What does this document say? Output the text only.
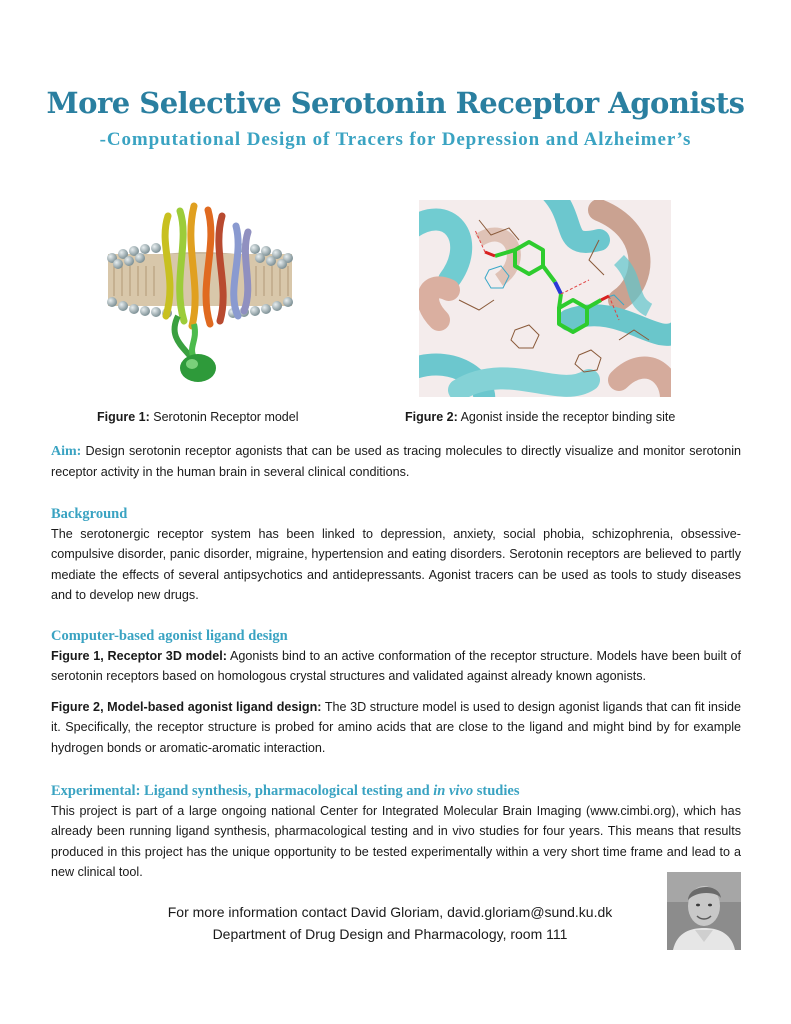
More Selective Serotonin Receptor Agonists
-Computational Design of Tracers for Depression and Alzheimer’s
Figure 1: Serotonin Receptor model	Figure 2: Agonist inside the receptor binding site
Aim: Design serotonin receptor agonists that can be used as tracing molecules to directly visualize and monitor serotonin receptor activity in the human brain in several clinical conditions.
Background
The serotonergic receptor system has been linked to depression, anxiety, social phobia, schizophrenia, obsessive-compulsive disorder, panic disorder, migraine, hypertension and eating disorders. Serotonin receptors are believed to partly mediate the effects of several antipsychotics and antidepressants. Agonist tracers can be used as tools to study diseases and to develop new drugs.
Computer-based agonist ligand design
Figure 1, Receptor 3D model: Agonists bind to an active conformation of the receptor structure. Models have been built of serotonin receptors based on homologous crystal structures and validated against already known agonists.
Figure 2, Model-based agonist ligand design: The 3D structure model is used to design agonist ligands that can fit inside it. Specifically, the receptor structure is probed for amino acids that are close to the ligand and might bind by for example hydrogen bonds or aromatic-aromatic interaction.
Experimental: Ligand synthesis, pharmacological testing and in vivo studies
This project is part of a large ongoing national Center for Integrated Molecular Brain Imaging (www.cimbi.org), which has already been running ligand synthesis, pharmacological testing and in vivo studies for four years. This means that results produced in this project has the unique opportunity to be tested experimentally within a very short time frame and lead to a new clinical tool.
For more information contact David Gloriam, david.gloriam@sund.ku.dk
Department of Drug Design and Pharmacology, room 111
